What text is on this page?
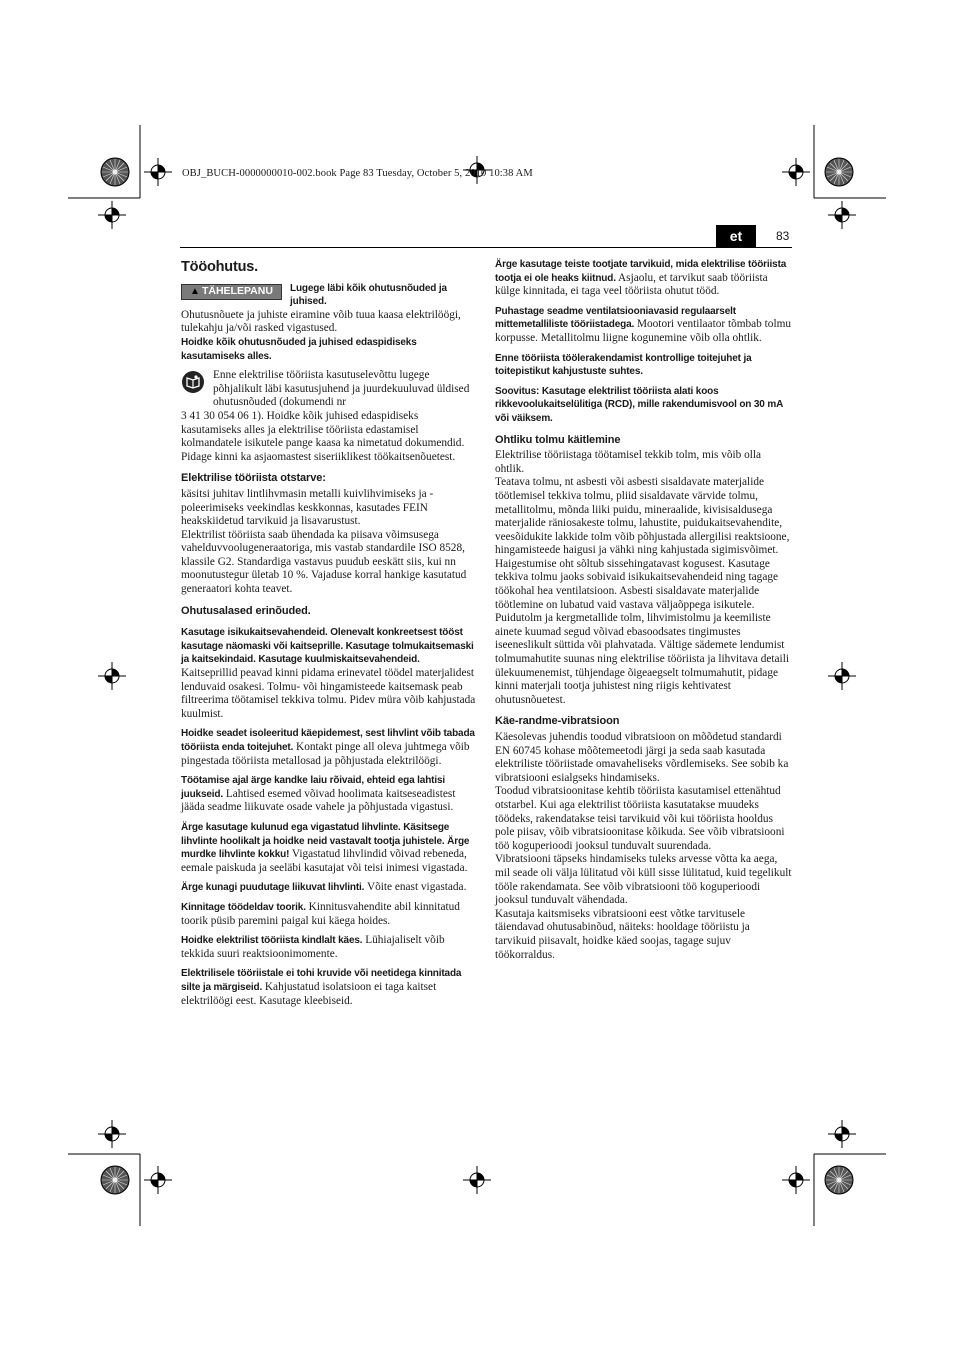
OBJ_BUCH-0000000010-002.book Page 83 Tuesday, October 5, 2010 10:38 AM
et	83
Tööohutus.
▲ TÄHELEPANU Lugege läbi kõik ohutusnõuded ja juhised.

Ohutusnõuete ja juhiste eiramine võib tuua kaasa elektrilöögi, tulekahju ja/või rasked vigastused.

Hoidke kõik ohutusnõuded ja juhised edaspidiseks kasutamiseks alles.

Enne elektrilise tööriista kasutuselevõttu lugege põhjalikult läbi kasutusjuhend ja juurdekuuluvad üldised ohutusnõuded (dokumendi nr

3 41 30 054 06 1). Hoidke kõik juhised edaspidiseks kasutamiseks alles ja elektrilise tööriista edastamisel kolmandatele isikutele pange kaasa ka nimetatud dokumendid.

Pidage kinni ka asjaomastest siseriiklikest töökaitsenõuetest.

Elektrilise tööriista otstarve:

käsitsi juhitav lintlihvmasin metalli kuivlihvimiseks ja -poleerimiseks veekindlas keskkonnas, kasutades FEIN heakskiidetud tarvikuid ja lisavarustust.

Elektrilist tööriista saab ühendada ka piisava võimsusega vahelduvvoolugeneraatoriga, mis vastab standardile ISO 8528, klassile G2. Standardiga vastavus puudub eeskätt siis, kui nn moonutustegur ületab 10 %. Vajaduse korral hankige kasutatud generaatori kohta teavet.

Ohutusalased erinõuded.

Kasutage isikukaitsevahendeid. Olenevalt konkreetsest tööst kasutage näomaski või kaitseprille. Kasutage tolmukaitsemaski ja kaitsekindaid. Kasutage kuulmiskaitsevahendeid. Kaitseprillid peavad kinni pidama erinevatel töödel materjalidest lenduvaid osakesi. Tolmu- või hingamisteede kaitsemask peab filtreerima töötamisel tekkiva tolmu. Pidev müra võib kahjustada kuulmist.

Hoidke seadet isoleeritud käepidemest, sest lihvlint võib tabada tööriista enda toitejuhet. Kontakt pinge all oleva juhtmega võib pingestada tööriista metallosad ja põhjustada elektrilöögi.

Töötamise ajal ärge kandke laiu rõivaid, ehteid ega lahtisi juukseid. Lahtised esemed võivad hoolimata kaitseseadistest jääda seadme liikuvate osade vahele ja põhjustada vigastusi.

Ärge kasutage kulunud ega vigastatud lihvlinte. Käsitsege lihvlinte hoolikalt ja hoidke neid vastavalt tootja juhistele. Ärge murdke lihvlinte kokku! Vigastatud lihvlindid võivad rebeneda, eemale paiskuda ja seeläbi kasutajat või teisi inimesi vigastada.

Ärge kunagi puudutage liikuvat lihvlinti. Võite enast vigastada.

Kinnitage töödeldav toorik. Kinnitusvahendite abil kinnitatud toorik püsib paremini paigal kui käega hoides.

Hoidke elektrilist tööriista kindlalt käes. Lühiajaliselt võib tekkida suuri reaktsioonimomente.

Elektrilisele tööriistale ei tohi kruvide või neetidega kinnitada silte ja märgiseid. Kahjustatud isolatsioon ei taga kaitset elektrilöögi eest. Kasutage kleebiseid.

Ärge kasutage teiste tootjate tarvikuid, mida elektrilise tööriista tootja ei ole heaks kiitnud. Asjaolu, et tarvikut saab tööriista külge kinnitada, ei taga veel tööriista ohutut tööd.

Puhastage seadme ventilatsiooniavasid regulaarselt mittemetalliliste tööriistadega. Mootori ventilaator tõmbab tolmu korpusse. Metallitolmu liigne kogunemine võib olla ohtlik.

Enne tööriista töölerakendamist kontrollige toitejuhet ja toitepistikut kahjustuste suhtes.

Soovitus: Kasutage elektrilist tööriista alati koos rikkevoolukaitselülitiga (RCD), mille rakendumisvool on 30 mA või väiksem.

Ohtliku tolmu käitlemine

Elektrilise tööriistaga töötamisel tekkib tolm, mis võib olla ohtlik.

Teatava tolmu, nt asbesti või asbesti sisaldavate materjalide töötlemisel tekkiva tolmu, pliid sisaldavate värvide tolmu, metallitolmu, mõnda liiki puidu, mineraalide, kivisisaldusega materjalide räniosakeste tolmu, lahustite, puidukaitsevahendite, veesõidukite lakkide tolm võib põhjustada allergilisi reaktsioone, hingamisteede haigusi ja vähki ning kahjustada sigimisvõimet. Haigestumise oht sõltub sissehingatavast kogusest. Kasutage tekkiva tolmu jaoks sobivaid isikukaitsevahendeid ning tagage töökohal hea ventilatsioon. Asbesti sisaldavate materjalide töötlemine on lubatud vaid vastava väljaõppega isikutele.

Puidutolm ja kergmetallide tolm, lihvimistolmu ja keemiliste ainete kuumad segud võivad ebasoodsates tingimustes iseeneslikult süttida või plahvatada. Vältige sädemete lendumist tolmumahutite suunas ning elektrilise tööriista ja lihvitava detaili ülekuumenemist, tühjendage õigeaegselt tolmumahutit, pidage kinni materjali tootja juhistest ning riigis kehtivatest ohutusnõuetest.

Käe-randme-vibratsioon

Käesolevas juhendis toodud vibratsioon on mõõdetud standardi EN 60745 kohase mõõtemeetodi järgi ja seda saab kasutada elektriliste tööriistade omavaheliseks võrdlemiseks. See sobib ka vibratsiooni esialgseks hindamiseks.

Toodud vibratsioonitase kehtib tööriista kasutamisel ettenähtud otstarbel. Kui aga elektrilist tööriista kasutatakse muudeks töödeks, rakendatakse teisi tarvikuid või kui tööriista hooldus pole piisav, võib vibratsioonitase kõikuda. See võib vibratsiooni töö koguperioodi jooksul tunduvalt suurendada.

Vibratsiooni täpseks hindamiseks tuleks arvesse võtta ka aega, mil seade oli välja lülitatud või küll sisse lülitatud, kuid tegelikult tööle rakendamata. See võib vibratsiooni töö koguperioodi jooksul tunduvalt vähendada.

Kasutaja kaitsmiseks vibratsiooni eest võtke tarvitusele täiendavad ohutusabinõud, näiteks: hooldage tööriistu ja tarvikuid piisavalt, hoidke käed soojas, tagage sujuv töökorraldus.
